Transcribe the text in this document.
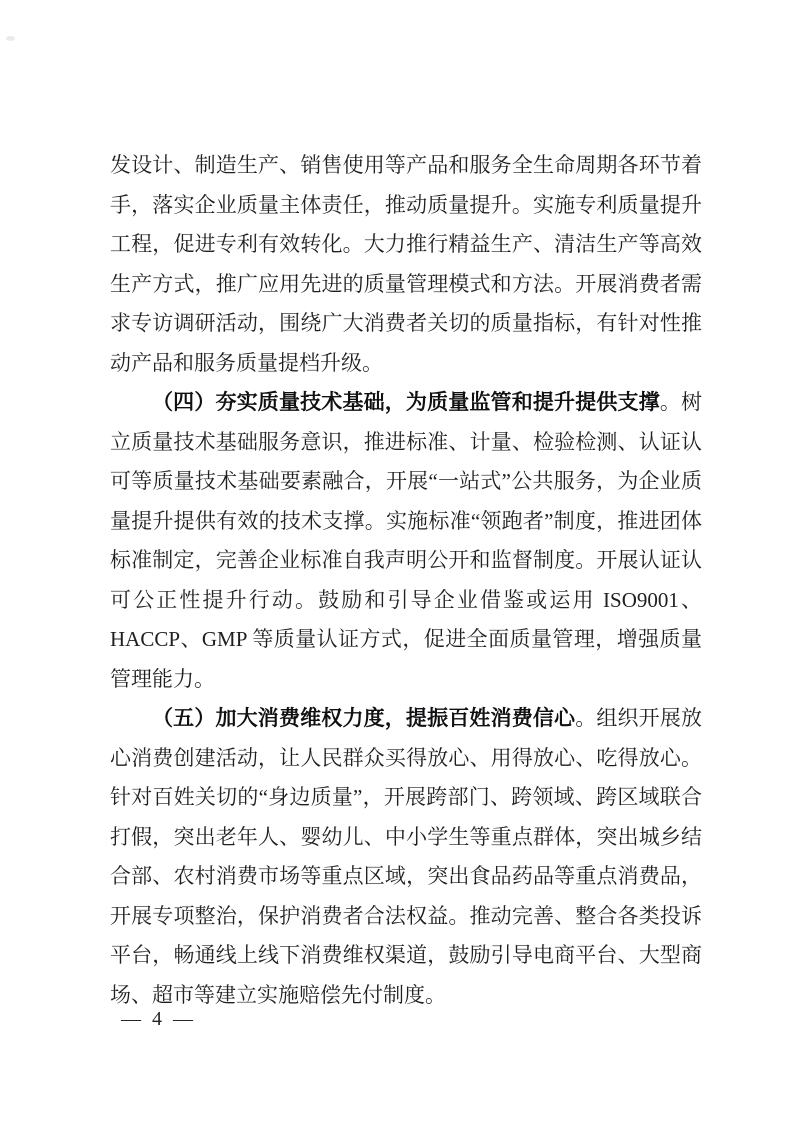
发设计、制造生产、销售使用等产品和服务全生命周期各环节着手，落实企业质量主体责任，推动质量提升。实施专利质量提升工程，促进专利有效转化。大力推行精益生产、清洁生产等高效生产方式，推广应用先进的质量管理模式和方法。开展消费者需求专访调研活动，围绕广大消费者关切的质量指标，有针对性推动产品和服务质量提档升级。

（四）夯实质量技术基础，为质量监管和提升提供支撑。树立质量技术基础服务意识，推进标准、计量、检验检测、认证认可等质量技术基础要素融合，开展“一站式”公共服务，为企业质量提升提供有效的技术支撑。实施标准“领跑者”制度，推进团体标准制定，完善企业标准自我声明公开和监督制度。开展认证认可公正性提升行动。鼓励和引导企业借鉴或运用 ISO9001、HACCP、GMP 等质量认证方式，促进全面质量管理，增强质量管理能力。

（五）加大消费维权力度，提振百姓消费信心。组织开展放心消费创建活动，让人民群众买得放心、用得放心、吃得放心。针对百姓关切的“身边质量”，开展跨部门、跨领域、跨区域联合打假，突出老年人、婴幼儿、中小学生等重点群体，突出城乡结合部、农村消费市场等重点区域，突出食品药品等重点消费品，开展专项整治，保护消费者合法权益。推动完善、整合各类投诉平台，畅通线上线下消费维权渠道，鼓励引导电商平台、大型商场、超市等建立实施赔偿先付制度。

— 4 —
